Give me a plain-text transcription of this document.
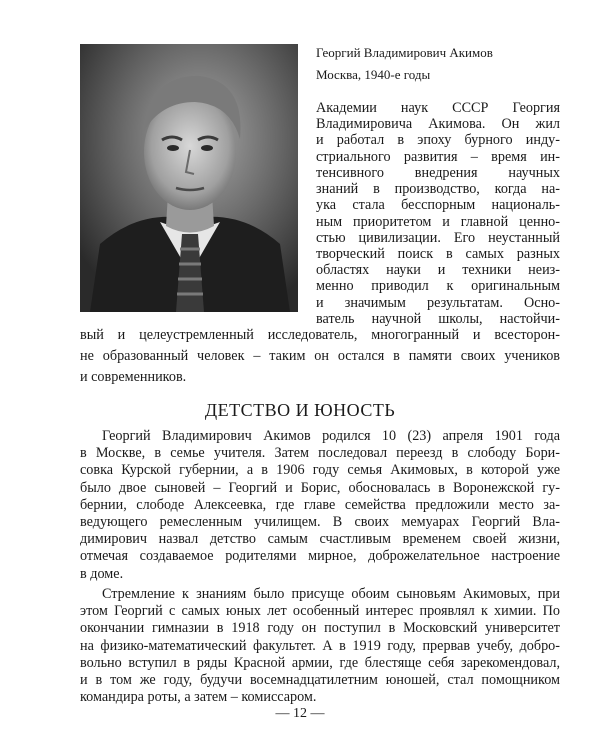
Георгий Владимирович Акимов
Москва, 1940-е годы
Академии наук СССР Георгия
Владимировича Акимова. Он жил
и работал в эпоху бурного инду-
стриального развития – время ин-
тенсивного внедрения научных
знаний в производство, когда на-
ука стала бесспорным националь-
ным приоритетом и главной ценно-
стью цивилизации. Его неустанный
творческий поиск в самых разных
областях науки и техники неиз-
менно приводил к оригинальным
и значимым результатам. Осно-
ватель научной школы, настойчи-
вый и целеустремленный исследователь, многогранный и всесторон-
не образованный человек – таким он остался в памяти своих учеников
и современников.
ДЕТСТВО И ЮНОСТЬ
Георгий Владимирович Акимов родился 10 (23) апреля 1901 года
в Москве, в семье учителя. Затем последовал переезд в слободу Бори-
совка Курской губернии, а в 1906 году семья Акимовых, в которой уже
было двое сыновей – Георгий и Борис, обосновалась в Воронежской гу-
бернии, слободе Алексеевка, где главе семейства предложили место за-
ведующего ремесленным училищем. В своих мемуарах Георгий Вла-
димирович назвал детство самым счастливым временем своей жизни,
отмечая создаваемое родителями мирное, доброжелательное настроение
в доме.
Стремление к знаниям было присуще обоим сыновьям Акимовых, при
этом Георгий с самых юных лет особенный интерес проявлял к химии. По
окончании гимназии в 1918 году он поступил в Московский университет
на физико-математический факультет. А в 1919 году, прервав учебу, добро-
вольно вступил в ряды Красной армии, где блестяще себя зарекомендовал,
и в том же году, будучи восемнадцатилетним юношей, стал помощником
командира роты, а затем – комиссаром.
— 12 —
